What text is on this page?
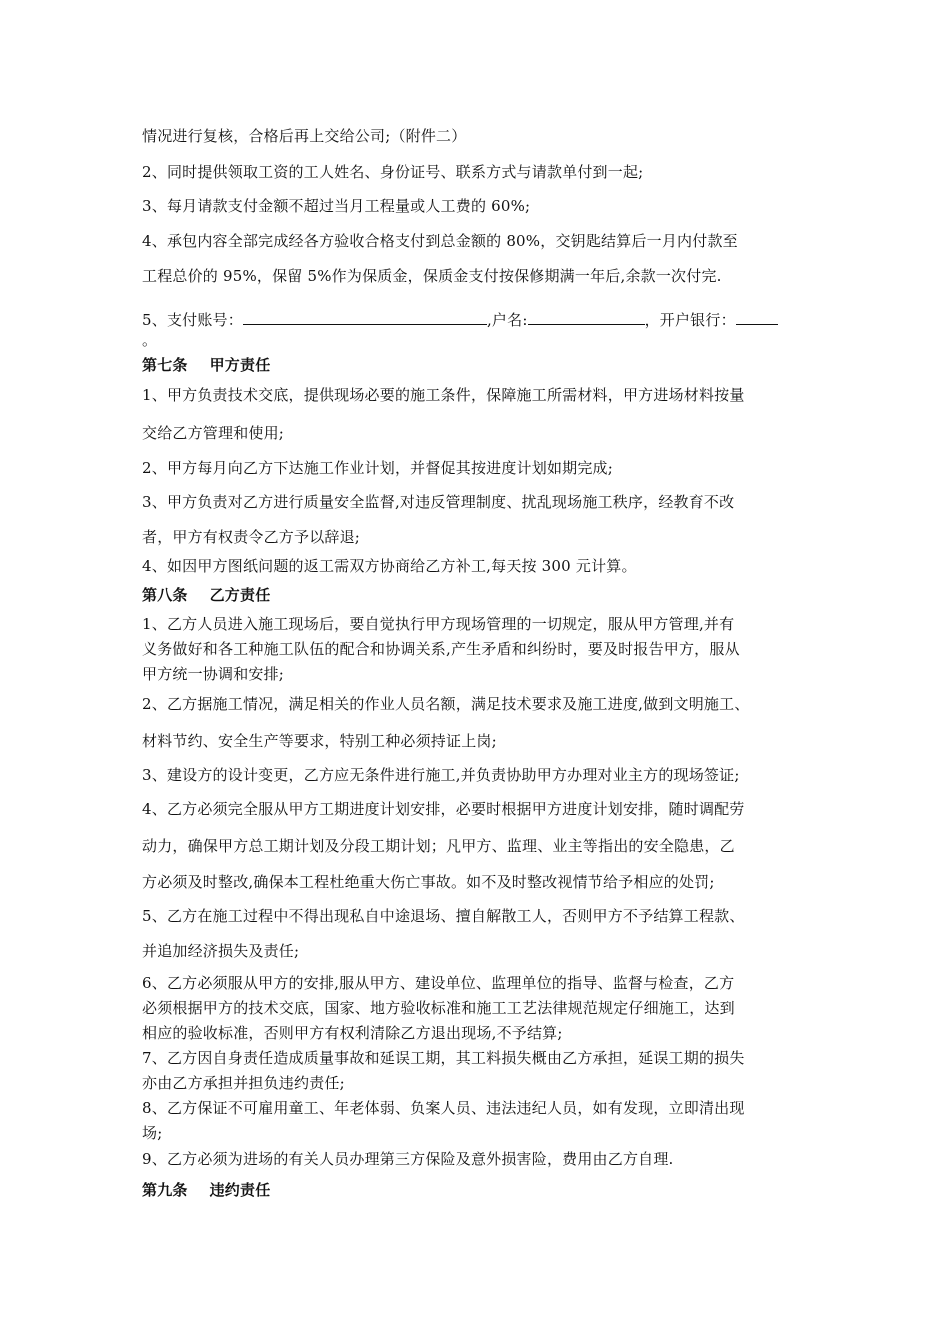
情况进行复核，合格后再上交给公司;（附件二）
2、同时提供领取工资的工人姓名、身份证号、联系方式与请款单付到一起;
3、每月请款支付金额不超过当月工程量或人工费的 60%;
4、承包内容全部完成经各方验收合格支付到总金额的 80%，交钥匙结算后一月内付款至
工程总价的 95%，保留 5%作为保质金，保质金支付按保修期满一年后,余款一次付完.
5、支付账号：	,户名:	，开户银行：
。
第七条 甲方责任
1、甲方负责技术交底，提供现场必要的施工条件，保障施工所需材料，甲方进场材料按量
交给乙方管理和使用;
2、甲方每月向乙方下达施工作业计划，并督促其按进度计划如期完成;
3、甲方负责对乙方进行质量安全监督,对违反管理制度、扰乱现场施工秩序，经教育不改
者，甲方有权责令乙方予以辞退;
4、如因甲方图纸问题的返工需双方协商给乙方补工,每天按 300 元计算。
第八条 乙方责任
1、乙方人员进入施工现场后，要自觉执行甲方现场管理的一切规定，服从甲方管理,并有
义务做好和各工种施工队伍的配合和协调关系,产生矛盾和纠纷时，要及时报告甲方，服从
甲方统一协调和安排;
2、乙方据施工情况，满足相关的作业人员名额，满足技术要求及施工进度,做到文明施工、
材料节约、安全生产等要求，特别工种必须持证上岗;
3、建设方的设计变更，乙方应无条件进行施工,并负责协助甲方办理对业主方的现场签证;
4、乙方必须完全服从甲方工期进度计划安排，必要时根据甲方进度计划安排，随时调配劳
动力，确保甲方总工期计划及分段工期计划；凡甲方、监理、业主等指出的安全隐患，乙
方必须及时整改,确保本工程杜绝重大伤亡事故。如不及时整改视情节给予相应的处罚;
5、乙方在施工过程中不得出现私自中途退场、擅自解散工人，否则甲方不予结算工程款、
并追加经济损失及责任;
6、乙方必须服从甲方的安排,服从甲方、建设单位、监理单位的指导、监督与检查，乙方
必须根据甲方的技术交底，国家、地方验收标准和施工工艺法律规范规定仔细施工，达到
相应的验收标准，否则甲方有权利清除乙方退出现场,不予结算;
7、乙方因自身责任造成质量事故和延误工期，其工料损失概由乙方承担，延误工期的损失
亦由乙方承担并担负违约责任;
8、乙方保证不可雇用童工、年老体弱、负案人员、违法违纪人员，如有发现，立即清出现
场;
9、乙方必须为进场的有关人员办理第三方保险及意外损害险，费用由乙方自理.
第九条 违约责任
